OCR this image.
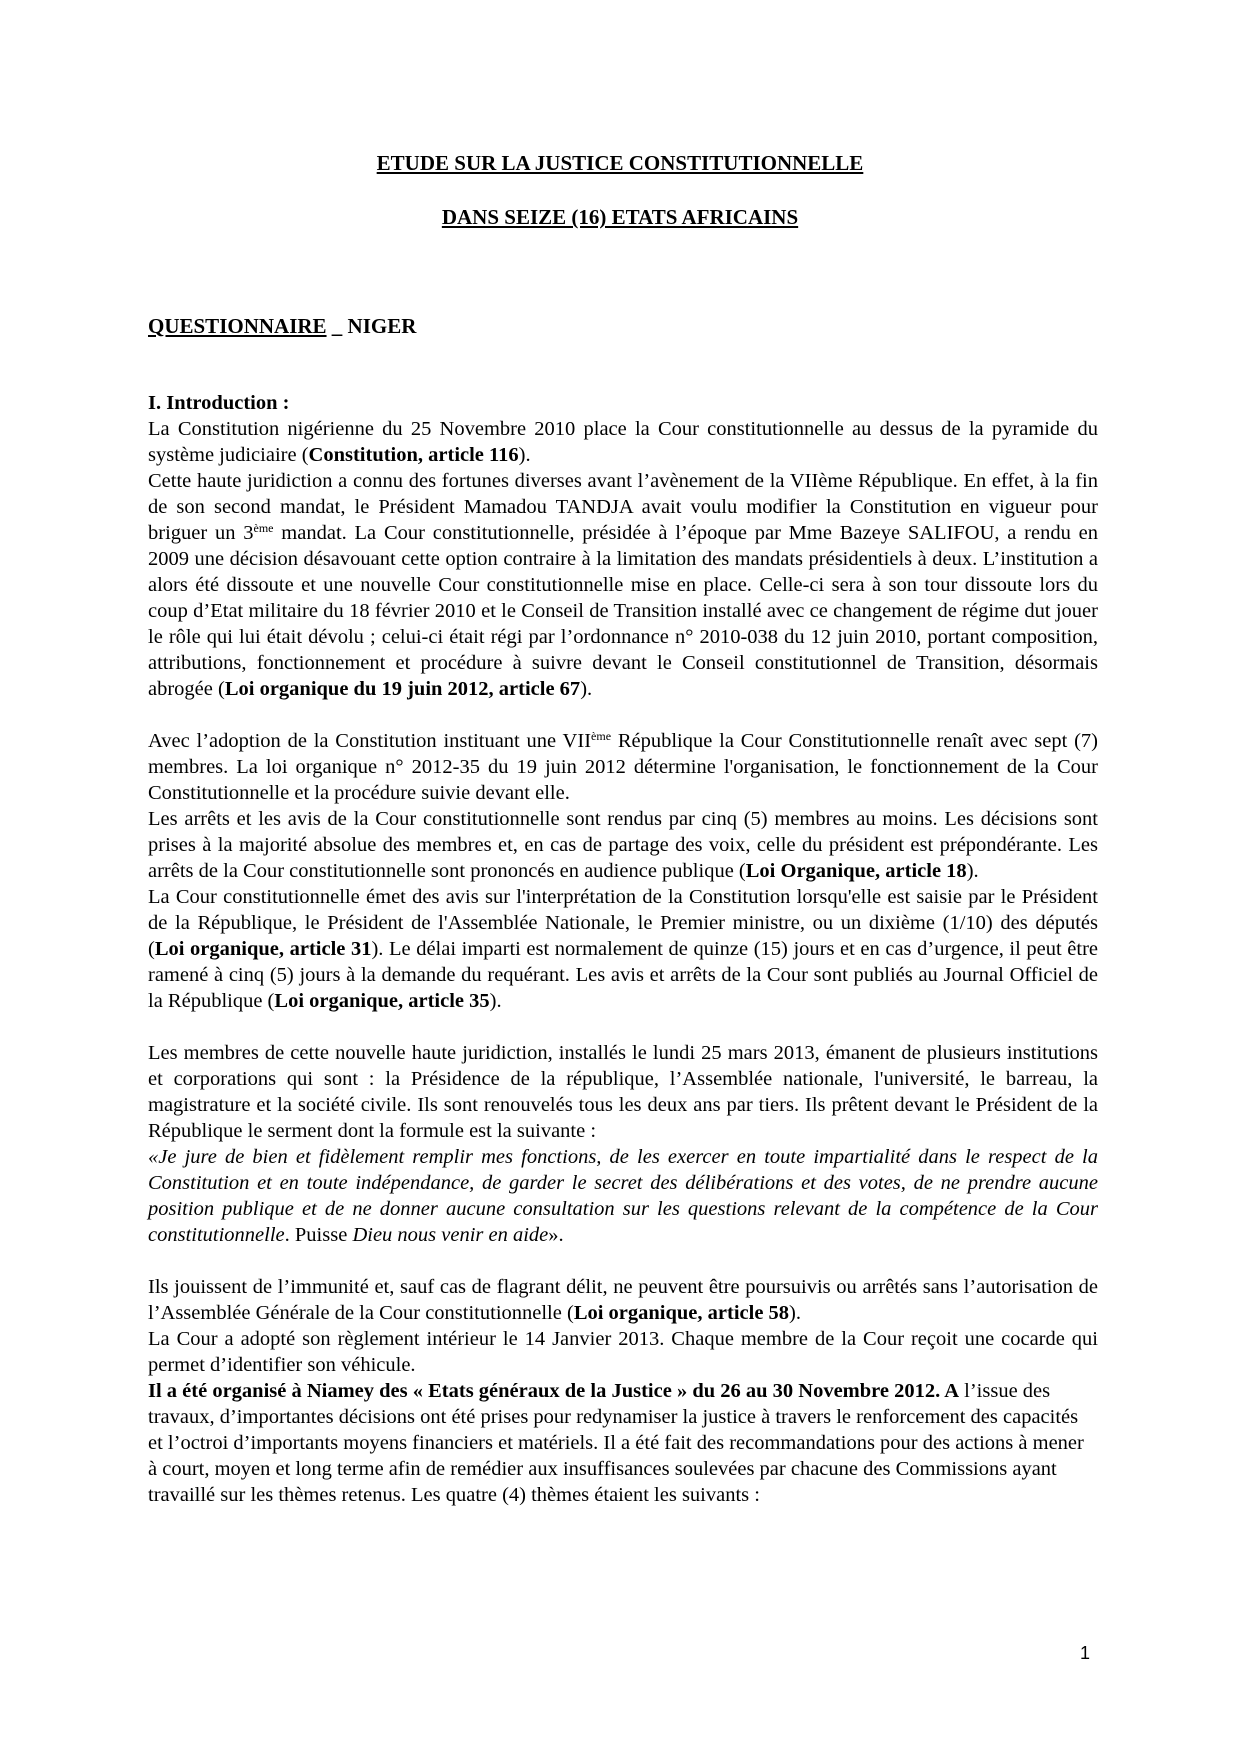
ETUDE SUR LA JUSTICE CONSTITUTIONNELLE
DANS SEIZE (16) ETATS AFRICAINS
QUESTIONNAIRE _ NIGER

I. Introduction :

La Constitution nigérienne du 25 Novembre 2010 place la Cour constitutionnelle au dessus de la pyramide du système judiciaire (Constitution, article 116).

Cette haute juridiction a connu des fortunes diverses avant l’avènement de la VIIème République. En effet, à la fin de son second mandat, le Président Mamadou TANDJA avait voulu modifier la Constitution en vigueur pour briguer un 3ème mandat. La Cour constitutionnelle, présidée à l’époque par Mme Bazeye SALIFOU, a rendu en 2009 une décision désavouant cette option contraire à la limitation des mandats présidentiels à deux. L’institution a alors été dissoute et une nouvelle Cour constitutionnelle mise en place. Celle-ci sera à son tour dissoute lors du coup d’Etat militaire du 18 février 2010 et le Conseil de Transition installé avec ce changement de régime dut jouer le rôle qui lui était dévolu ; celui-ci était régi par l’ordonnance n° 2010-038 du 12 juin 2010, portant composition, attributions, fonctionnement et procédure à suivre devant le Conseil constitutionnel de Transition, désormais abrogée (Loi organique du 19 juin 2012, article 67).

Avec l’adoption de la Constitution instituant une VIIème République la Cour Constitutionnelle renaît avec sept (7) membres. La loi organique n° 2012-35 du 19 juin 2012 détermine l'organisation, le fonctionnement de la Cour Constitutionnelle et la procédure suivie devant elle.

Les arrêts et les avis de la Cour constitutionnelle sont rendus par cinq (5) membres au moins. Les décisions sont prises à la majorité absolue des membres et, en cas de partage des voix, celle du président est prépondérante. Les arrêts de la Cour constitutionnelle sont prononcés en audience publique (Loi Organique, article 18).

La Cour constitutionnelle émet des avis sur l'interprétation de la Constitution lorsqu'elle est saisie par le Président de la République, le Président de l'Assemblée Nationale, le Premier ministre, ou un dixième (1/10) des députés (Loi organique, article 31). Le délai imparti est normalement de quinze (15) jours et en cas d’urgence, il peut être ramené à cinq (5) jours à la demande du requérant. Les avis et arrêts de la Cour sont publiés au Journal Officiel de la République (Loi organique, article 35).

Les membres de cette nouvelle haute juridiction, installés le lundi 25 mars 2013, émanent de plusieurs institutions et corporations qui sont : la Présidence de la république, l’Assemblée nationale, l'université, le barreau, la magistrature et la société civile. Ils sont renouvelés tous les deux ans par tiers. Ils prêtent devant le Président de la République le serment dont la formule est la suivante :

«Je jure de bien et fidèlement remplir mes fonctions, de les exercer en toute impartialité dans le respect de la Constitution et en toute indépendance, de garder le secret des délibérations et des votes, de ne prendre aucune position publique et de ne donner aucune consultation sur les questions relevant de la compétence de la Cour constitutionnelle. Puisse Dieu nous venir en aide».

Ils jouissent de l’immunité et, sauf cas de flagrant délit, ne peuvent être poursuivis ou arrêtés sans l’autorisation de l’Assemblée Générale de la Cour constitutionnelle (Loi organique, article 58).

La Cour a adopté son règlement intérieur le 14 Janvier 2013. Chaque membre de la Cour reçoit une cocarde qui permet d’identifier son véhicule.

Il a été organisé à Niamey des « Etats généraux de la Justice » du 26 au 30 Novembre 2012. A l’issue des travaux, d’importantes décisions ont été prises pour redynamiser la justice à travers le renforcement des capacités et l’octroi d’importants moyens financiers et matériels. Il a été fait des recommandations pour des actions à mener à court, moyen et long terme afin de remédier aux insuffisances soulevées par chacune des Commissions ayant travaillé sur les thèmes retenus. Les quatre (4) thèmes étaient les suivants :

1
